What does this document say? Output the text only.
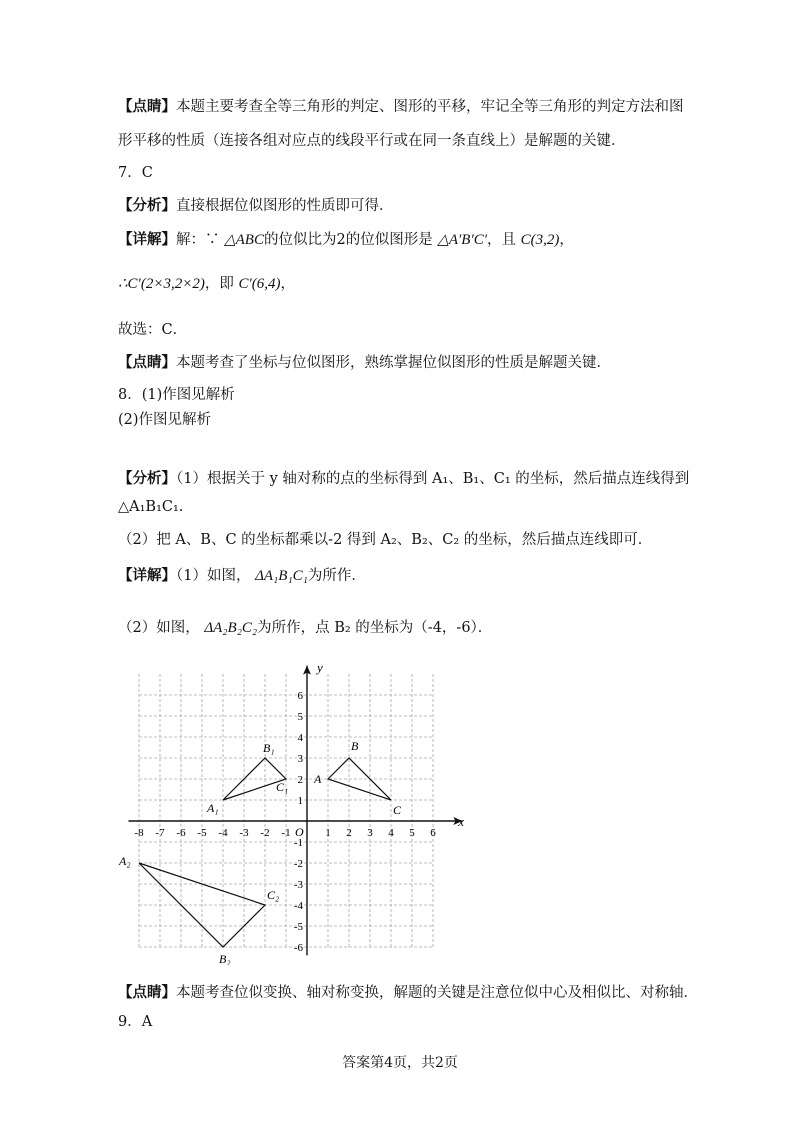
【点睛】本题主要考查全等三角形的判定、图形的平移，牢记全等三角形的判定方法和图
形平移的性质（连接各组对应点的线段平行或在同一条直线上）是解题的关键．
7．C
【分析】直接根据位似图形的性质即可得．
【详解】解：∵ △ABC的位似比为2的位似图形是 △A′B′C′，且 C(3,2)，
∴C′(2×3,2×2)，即 C′(6,4)，
故选：C．
【点睛】本题考查了坐标与位似图形，熟练掌握位似图形的性质是解题关键．
8．(1)作图见解析
(2)作图见解析
【分析】（1）根据关于 y 轴对称的点的坐标得到 A₁、B₁、C₁ 的坐标，然后描点连线得到
△A₁B₁C₁.
（2）把 A、B、C 的坐标都乘以-2 得到 A₂、B₂、C₂ 的坐标，然后描点连线即可．
【详解】（1）如图， ΔA₁B₁C₁为所作．
（2）如图， ΔA₂B₂C₂为所作，点 B₂ 的坐标为（-4，-6）．
x
y
O
-8 -7 -6 -5 -4 -3 -2 -1	1 2 3 4 5 6
6
5
4
3
2
1
-1
-2
-3
-4
-5
-6
A
B
C
A₁
B₁
C₁
A₂
B₂
C₂
【点睛】本题考查位似变换、轴对称变换，解题的关键是注意位似中心及相似比、对称轴．
9．A
答案第4页，共2页
